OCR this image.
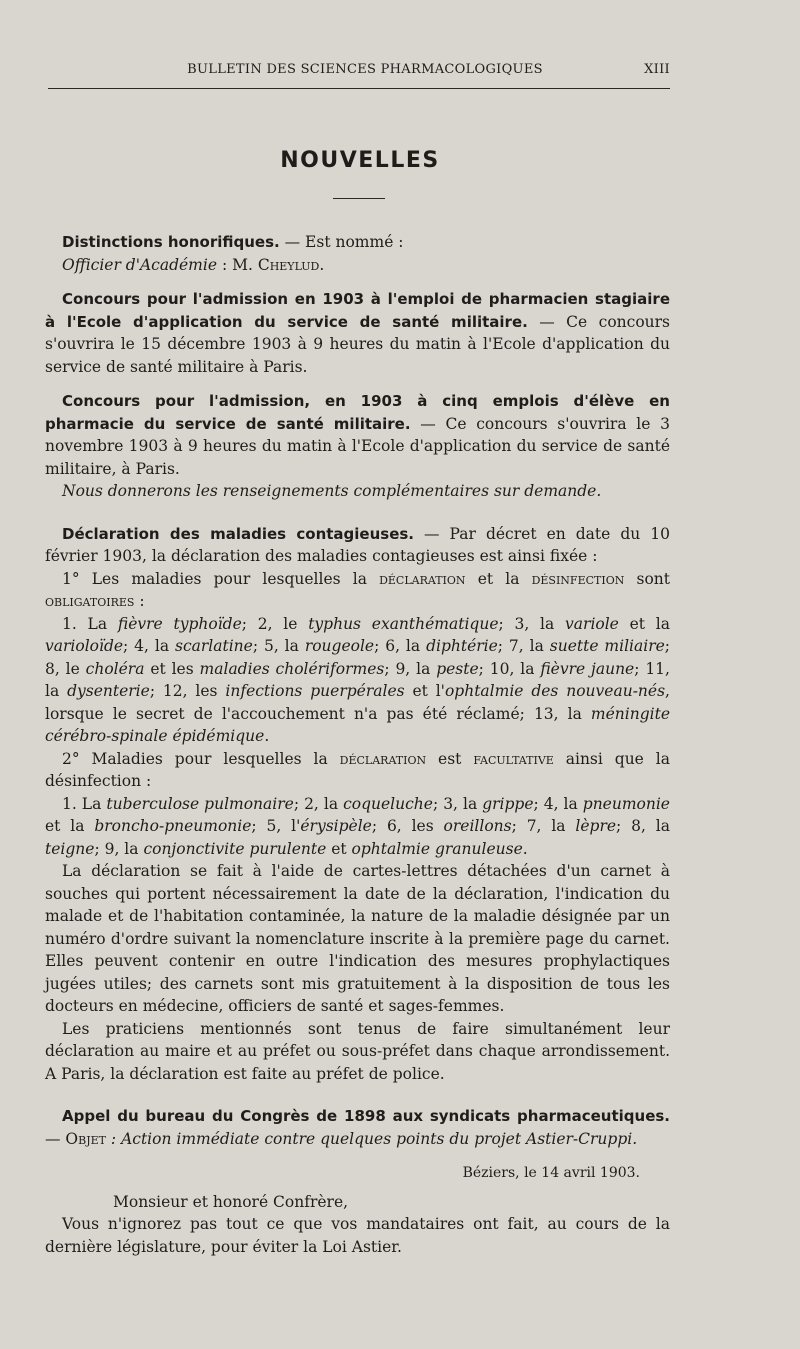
BULLETIN DES SCIENCES PHARMACOLOGIQUES	XIII
NOUVELLES

Distinctions honorifiques. — Est nommé :

Officier d'Académie : M. Cheylud.

Concours pour l'admission en 1903 à l'emploi de pharmacien stagiaire à l'Ecole d'application du service de santé militaire. — Ce concours s'ouvrira le 15 décembre 1903 à 9 heures du matin à l'Ecole d'application du service de santé militaire à Paris.

Concours pour l'admission, en 1903 à cinq emplois d'élève en pharmacie du service de santé militaire. — Ce concours s'ouvrira le 3 novembre 1903 à 9 heures du matin à l'Ecole d'application du service de santé militaire, à Paris.

Nous donnerons les renseignements complémentaires sur demande.

Déclaration des maladies contagieuses. — Par décret en date du 10 février 1903, la déclaration des maladies contagieuses est ainsi fixée :

1° Les maladies pour lesquelles la déclaration et la désinfection sont obligatoires :

1. La fièvre typhoïde; 2, le typhus exanthématique; 3, la variole et la varioloïde; 4, la scarlatine; 5, la rougeole; 6, la diphtérie; 7, la suette miliaire; 8, le choléra et les maladies cholériformes; 9, la peste; 10, la fièvre jaune; 11, la dysenterie; 12, les infections puerpérales et l'ophtalmie des nouveau-nés, lorsque le secret de l'accouchement n'a pas été réclamé; 13, la méningite cérébro-spinale épidémique.

2° Maladies pour lesquelles la déclaration est facultative ainsi que la désinfection :

1. La tuberculose pulmonaire; 2, la coqueluche; 3, la grippe; 4, la pneumonie et la broncho-pneumonie; 5, l'érysipèle; 6, les oreillons; 7, la lèpre; 8, la teigne; 9, la conjonctivite purulente et ophtalmie granuleuse.

La déclaration se fait à l'aide de cartes-lettres détachées d'un carnet à souches qui portent nécessairement la date de la déclaration, l'indication du malade et de l'habitation contaminée, la nature de la maladie désignée par un numéro d'ordre suivant la nomenclature inscrite à la première page du carnet. Elles peuvent contenir en outre l'indication des mesures prophylactiques jugées utiles; des carnets sont mis gratuitement à la disposition de tous les docteurs en médecine, officiers de santé et sages-femmes.

Les praticiens mentionnés sont tenus de faire simultanément leur déclaration au maire et au préfet ou sous-préfet dans chaque arrondissement. A Paris, la déclaration est faite au préfet de police.

Appel du bureau du Congrès de 1898 aux syndicats pharmaceutiques. — Objet : Action immédiate contre quelques points du projet Astier-Cruppi.

Béziers, le 14 avril 1903.

Monsieur et honoré Confrère,

Vous n'ignorez pas tout ce que vos mandataires ont fait, au cours de la dernière législature, pour éviter la Loi Astier.
